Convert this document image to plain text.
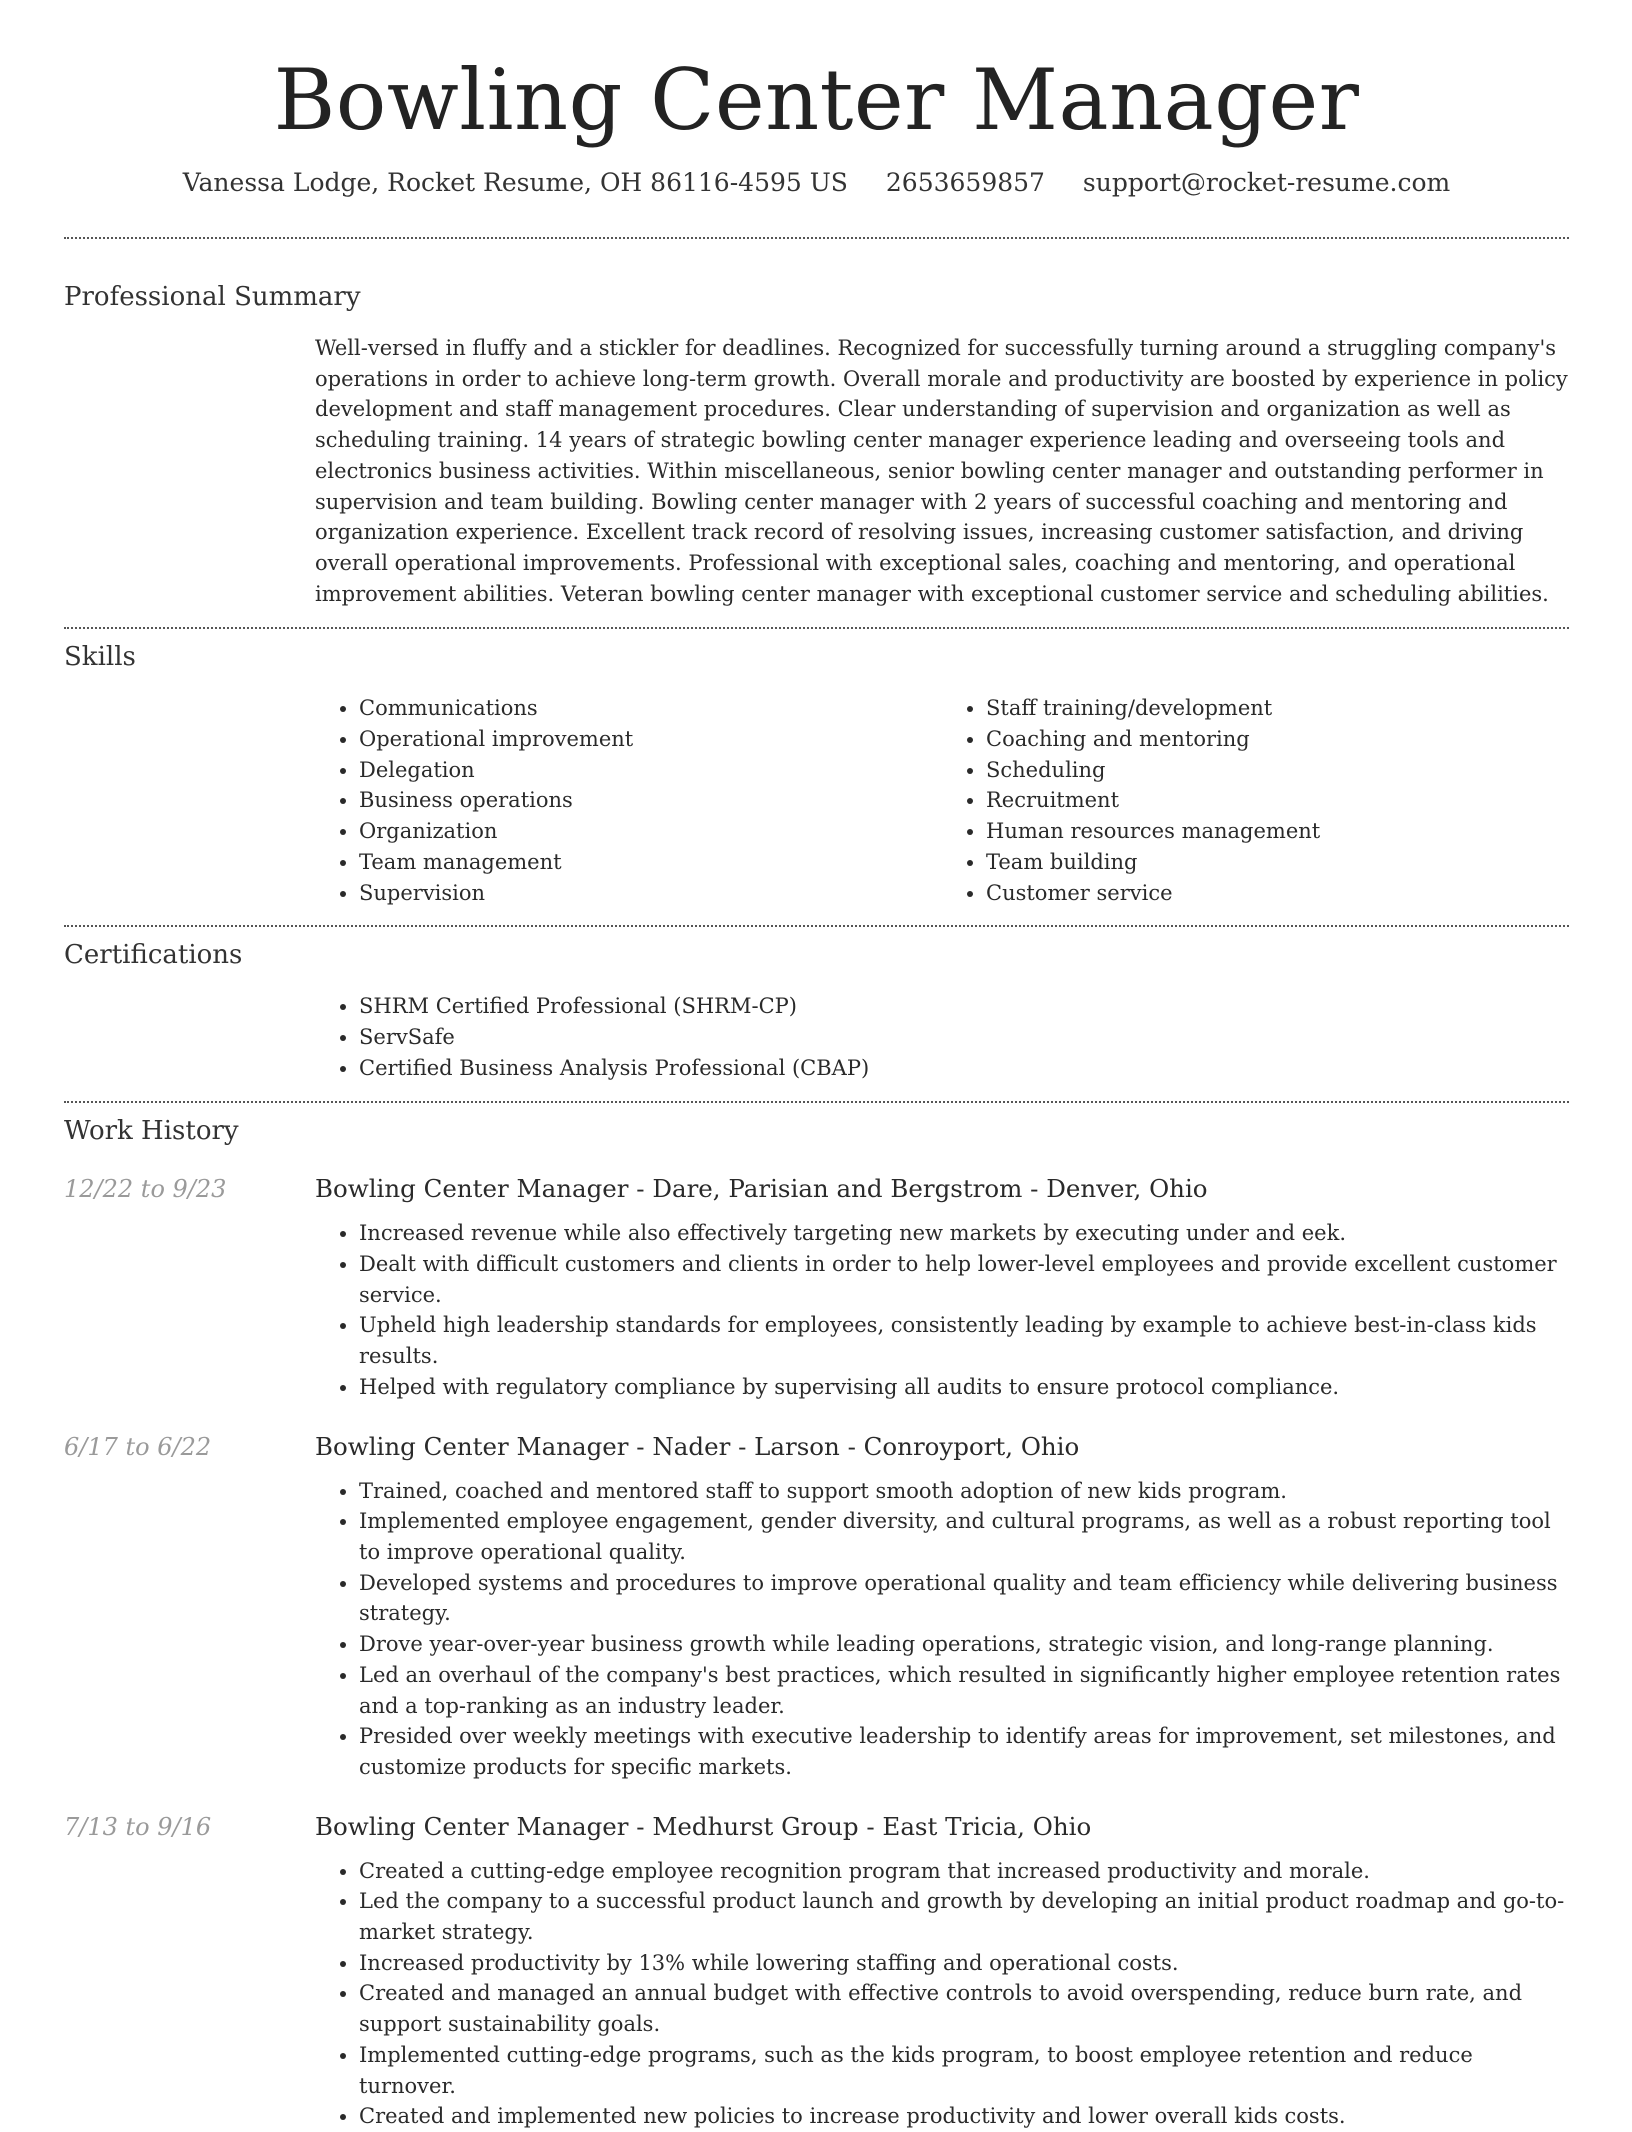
Bowling Center Manager
Vanessa Lodge, Rocket Resume, OH 86116-4595 US 2653659857 support@rocket-resume.com
Professional Summary
Well-versed in fluffy and a stickler for deadlines. Recognized for successfully turning around a struggling company's operations in order to achieve long-term growth. Overall morale and productivity are boosted by experience in policy development and staff management procedures. Clear understanding of supervision and organization as well as scheduling training. 14 years of strategic bowling center manager experience leading and overseeing tools and electronics business activities. Within miscellaneous, senior bowling center manager and outstanding performer in supervision and team building. Bowling center manager with 2 years of successful coaching and mentoring and organization experience. Excellent track record of resolving issues, increasing customer satisfaction, and driving overall operational improvements. Professional with exceptional sales, coaching and mentoring, and operational improvement abilities. Veteran bowling center manager with exceptional customer service and scheduling abilities.
Skills
• Communications
• Operational improvement
• Delegation
• Business operations
• Organization
• Team management
• Supervision
• Staff training/development
• Coaching and mentoring
• Scheduling
• Recruitment
• Human resources management
• Team building
• Customer service
Certifications
• SHRM Certified Professional (SHRM-CP)
• ServSafe
• Certified Business Analysis Professional (CBAP)
Work History
12/22 to 9/23	Bowling Center Manager - Dare, Parisian and Bergstrom - Denver, Ohio
• Increased revenue while also effectively targeting new markets by executing under and eek.
• Dealt with difficult customers and clients in order to help lower-level employees and provide excellent customer service.
• Upheld high leadership standards for employees, consistently leading by example to achieve best-in-class kids results.
• Helped with regulatory compliance by supervising all audits to ensure protocol compliance.
6/17 to 6/22	Bowling Center Manager - Nader - Larson - Conroyport, Ohio
• Trained, coached and mentored staff to support smooth adoption of new kids program.
• Implemented employee engagement, gender diversity, and cultural programs, as well as a robust reporting tool to improve operational quality.
• Developed systems and procedures to improve operational quality and team efficiency while delivering business strategy.
• Drove year-over-year business growth while leading operations, strategic vision, and long-range planning.
• Led an overhaul of the company's best practices, which resulted in significantly higher employee retention rates and a top-ranking as an industry leader.
• Presided over weekly meetings with executive leadership to identify areas for improvement, set milestones, and customize products for specific markets.
7/13 to 9/16	Bowling Center Manager - Medhurst Group - East Tricia, Ohio
• Created a cutting-edge employee recognition program that increased productivity and morale.
• Led the company to a successful product launch and growth by developing an initial product roadmap and go-to-market strategy.
• Increased productivity by 13% while lowering staffing and operational costs.
• Created and managed an annual budget with effective controls to avoid overspending, reduce burn rate, and support sustainability goals.
• Implemented cutting-edge programs, such as the kids program, to boost employee retention and reduce turnover.
• Created and implemented new policies to increase productivity and lower overall kids costs.
